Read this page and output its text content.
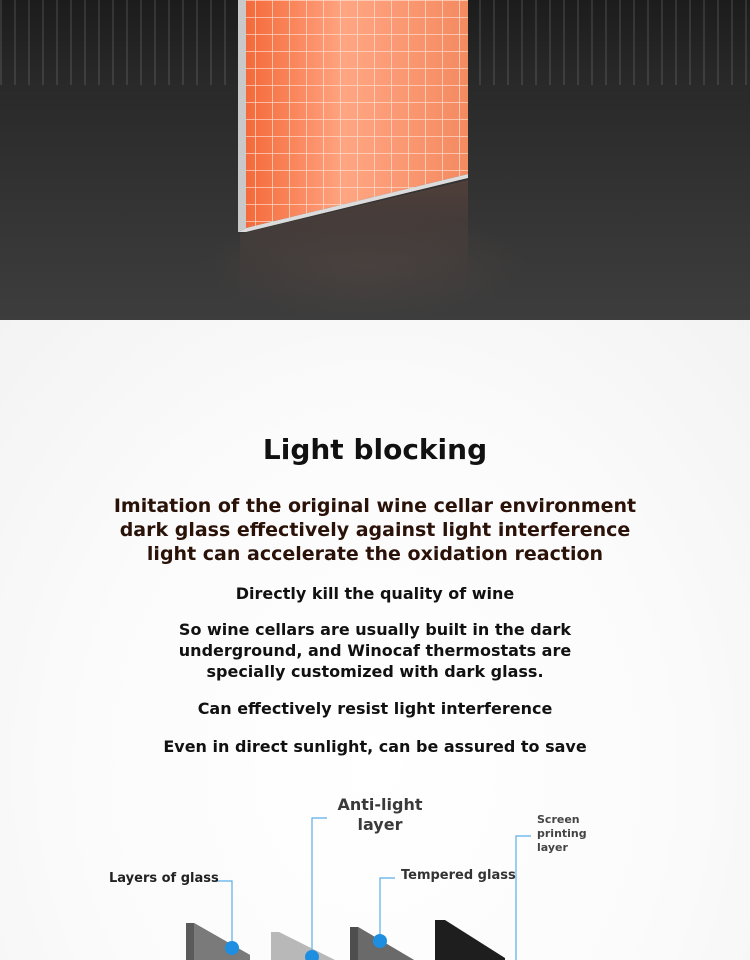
Light blocking

Imitation of the original wine cellar environment dark glass effectively against light interference light can accelerate the oxidation reaction

Directly kill the quality of wine

So wine cellars are usually built in the dark underground, and Winocaf thermostats are specially customized with dark glass.

Can effectively resist light interference

Even in direct sunlight, can be assured to save

Anti-light layer
Layers of glass	Tempered glass
Screen printing layer
